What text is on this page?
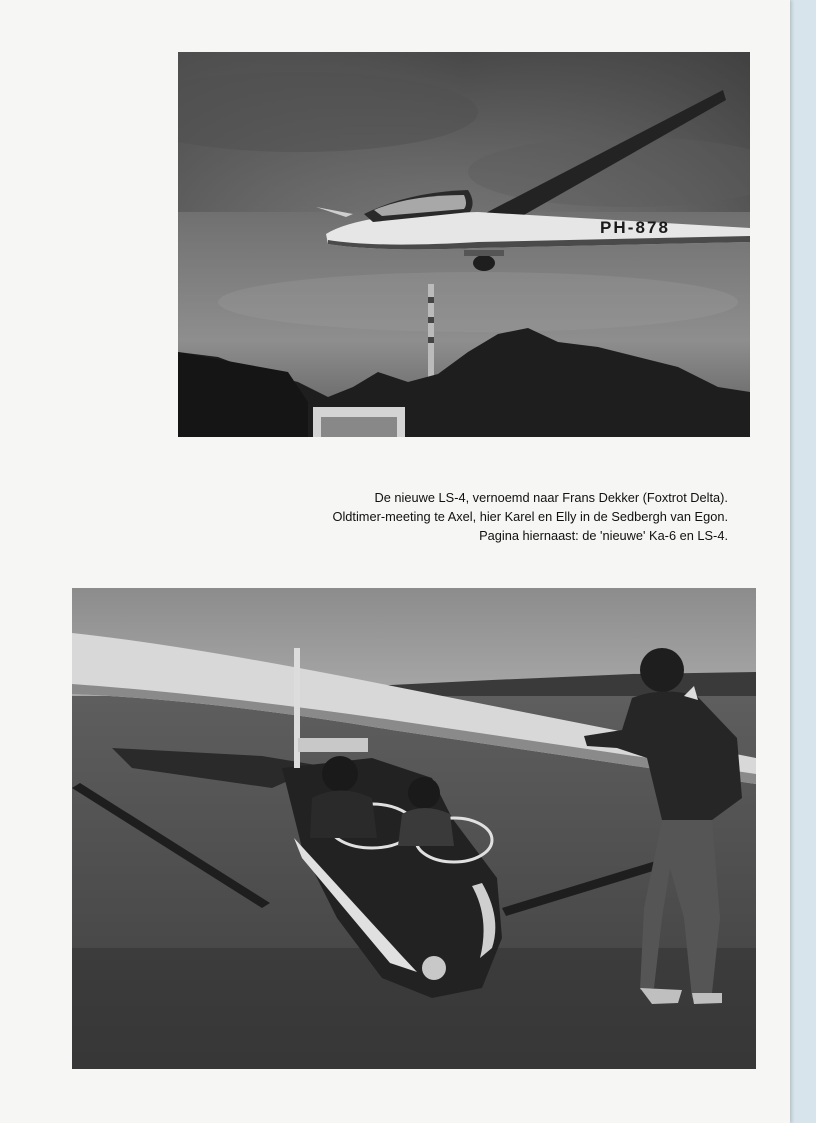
PH-878
De nieuwe LS-4, vernoemd naar Frans Dekker (Foxtrot Delta).
Oldtimer-meeting te Axel, hier Karel en Elly in de Sedbergh van Egon.
Pagina hiernaast: de 'nieuwe' Ka-6 en LS-4.
